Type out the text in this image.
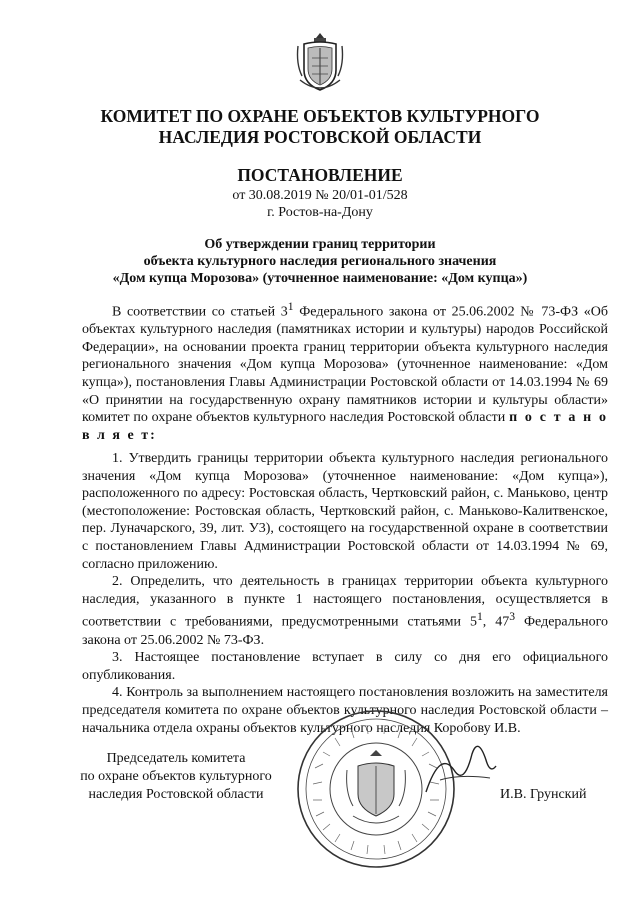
КОМИТЕТ ПО ОХРАНЕ ОБЪЕКТОВ КУЛЬТУРНОГО
НАСЛЕДИЯ РОСТОВСКОЙ ОБЛАСТИ
ПОСТАНОВЛЕНИЕ
от 30.08.2019 № 20/01-01/528
г. Ростов-на-Дону
Об утверждении границ территории
объекта культурного наследия регионального значения
«Дом купца Морозова» (уточненное наименование: «Дом купца»)
В соответствии со статьей $3^1$ Федерального закона от 25.06.2002 № 73-ФЗ «Об объектах культурного наследия (памятниках истории и культуры) народов Российской Федерации», на основании проекта границ территории объекта культурного наследия регионального значения «Дом купца Морозова» (уточненное наименование: «Дом купца»), постановления Главы Администрации Ростовской области от 14.03.1994 № 69 «О принятии на государственную охрану памятников истории и культуры области» комитет по охране объектов культурного наследия Ростовской области п о с т а н о в л я е т:

1. Утвердить границы территории объекта культурного наследия регионального значения «Дом купца Морозова» (уточненное наименование: «Дом купца»), расположенного по адресу: Ростовская область, Чертковский район, с. Маньково, центр (местоположение: Ростовская область, Чертковский район, с. Маньково-Калитвенское, пер. Луначарского, 39, лит. У3), состоящего на государственной охране в соответствии с постановлением Главы Администрации Ростовской области от 14.03.1994 № 69, согласно приложению.

2. Определить, что деятельность в границах территории объекта культурного наследия, указанного в пункте 1 настоящего постановления, осуществляется в соответствии с требованиями, предусмотренными статьями $5^1$, $47^3$ Федерального закона от 25.06.2002 № 73-ФЗ.

3. Настоящее постановление вступает в силу со дня его официального опубликования.

4. Контроль за выполнением настоящего постановления возложить на заместителя председателя комитета по охране объектов культурного наследия Ростовской области – начальника отдела охраны объектов культурного наследия Коробову И.В.

Председатель комитета
по охране объектов культурного
наследия Ростовской области	И.В. Грунский
